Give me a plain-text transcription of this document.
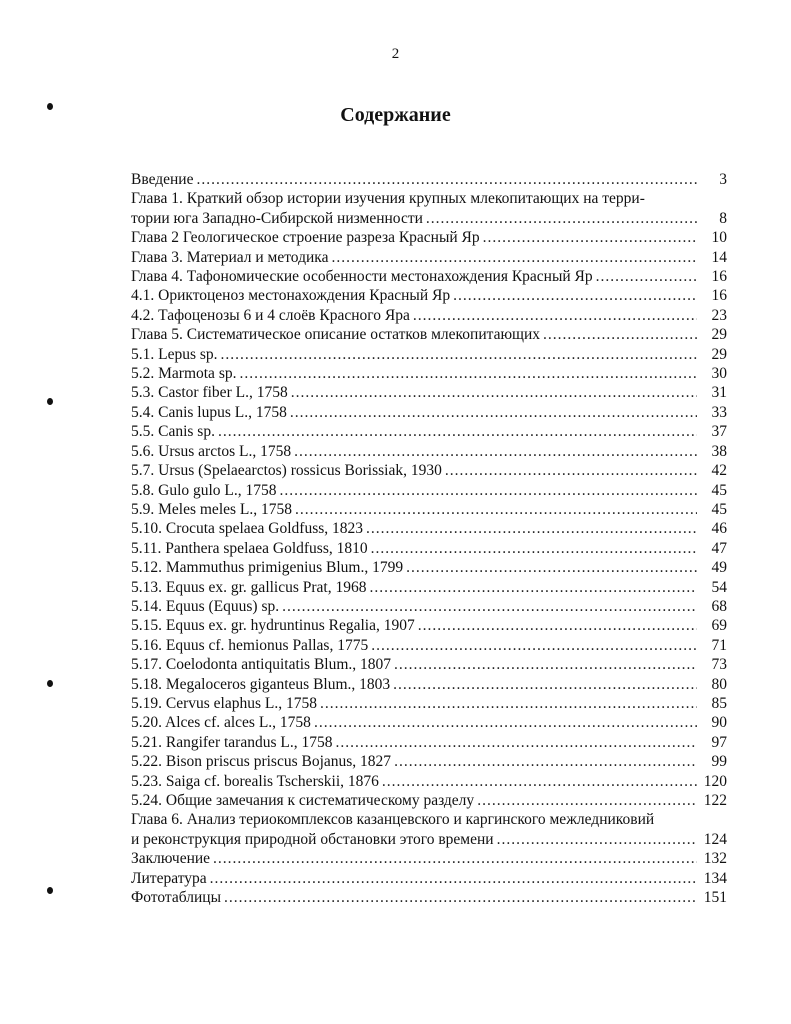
2
Содержание
Введение .....	3
Глава 1. Краткий обзор истории изучения крупных млекопитающих на терри-
тории юга Западно-Сибирской низменности .....	8
Глава 2 Геологическое строение разреза Красный Яр .....	10
Глава 3. Материал и методика .....	14
Глава 4. Тафономические особенности местонахождения Красный Яр .....	16
4.1. Ориктоценоз местонахождения Красный Яр .....	16
4.2. Тафоценозы 6 и 4 слоёв Красного Яра .....	23
Глава 5. Систематическое описание остатков млекопитающих .....	29
5.1. Lepus sp. .....	29
5.2. Marmota sp. .....	30
5.3. Castor fiber L., 1758 .....	31
5.4. Canis lupus L., 1758 .....	33
5.5. Canis sp. .....	37
5.6. Ursus arctos L., 1758 .....	38
5.7. Ursus (Spelaearctos) rossicus Borissiak, 1930 .....	42
5.8. Gulo gulo L., 1758 .....	45
5.9. Meles meles L., 1758 .....	45
5.10. Crocuta spelaea Goldfuss, 1823 .....	46
5.11. Panthera spelaea Goldfuss, 1810 .....	47
5.12. Mammuthus primigenius Blum., 1799 .....	49
5.13. Equus ex. gr. gallicus Prat, 1968 .....	54
5.14. Equus (Equus) sp. .....	68
5.15. Equus ex. gr. hydruntinus Regalia, 1907 .....	69
5.16. Equus cf. hemionus Pallas, 1775 .....	71
5.17. Coelodonta antiquitatis Blum., 1807 .....	73
5.18. Megaloceros giganteus Blum., 1803 .....	80
5.19. Cervus elaphus L., 1758 .....	85
5.20. Alces cf. alces L., 1758 .....	90
5.21. Rangifer tarandus L., 1758 .....	97
5.22. Bison priscus priscus Bojanus, 1827 .....	99
5.23. Saiga cf. borealis Tscherskii, 1876 .....	120
5.24. Общие замечания к систематическому разделу .....	122
Глава 6. Анализ териокомплексов казанцевского и каргинского межледниковий
и реконструкция природной обстановки этого времени .....	124
Заключение .....	132
Литература .....	134
Фототаблицы .....	151
